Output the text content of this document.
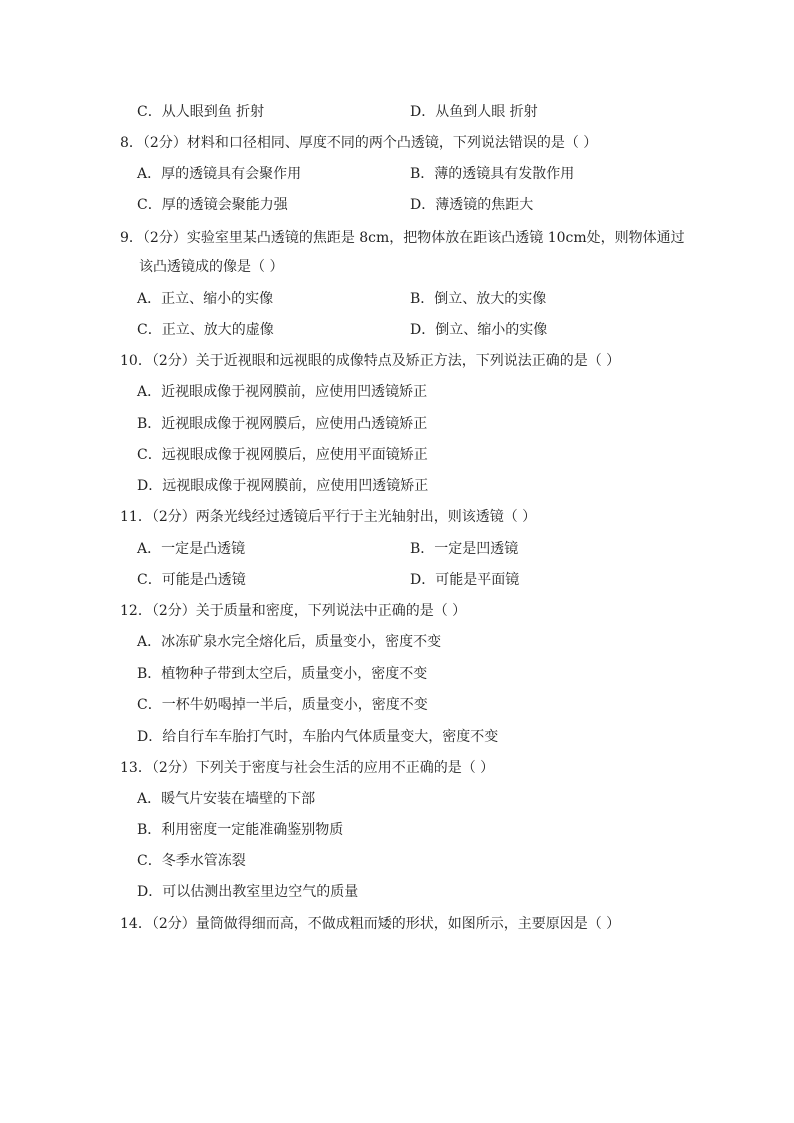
C．从人眼到鱼 折射	D．从鱼到人眼 折射
8．（2分）材料和口径相同、厚度不同的两个凸透镜，下列说法错误的是（ ）
A．厚的透镜具有会聚作用	B．薄的透镜具有发散作用
C．厚的透镜会聚能力强	D．薄透镜的焦距大
9．（2分）实验室里某凸透镜的焦距是 8cm，把物体放在距该凸透镜 10cm处，则物体通过
该凸透镜成的像是（ ）
A．正立、缩小的实像	B．倒立、放大的实像
C．正立、放大的虚像	D．倒立、缩小的实像
10．（2分）关于近视眼和远视眼的成像特点及矫正方法，下列说法正确的是（ ）
A．近视眼成像于视网膜前，应使用凹透镜矫正
B．近视眼成像于视网膜后，应使用凸透镜矫正
C．远视眼成像于视网膜后，应使用平面镜矫正
D．远视眼成像于视网膜前，应使用凹透镜矫正
11．（2分）两条光线经过透镜后平行于主光轴射出，则该透镜（ ）
A．一定是凸透镜	B．一定是凹透镜
C．可能是凸透镜	D．可能是平面镜
12．（2分）关于质量和密度，下列说法中正确的是（ ）
A．冰冻矿泉水完全熔化后，质量变小，密度不变
B．植物种子带到太空后，质量变小，密度不变
C．一杯牛奶喝掉一半后，质量变小，密度不变
D．给自行车车胎打气时，车胎内气体质量变大，密度不变
13．（2分）下列关于密度与社会生活的应用不正确的是（ ）
A．暖气片安装在墙壁的下部
B．利用密度一定能准确鉴别物质
C．冬季水管冻裂
D．可以估测出教室里边空气的质量
14．（2分）量筒做得细而高，不做成粗而矮的形状，如图所示，主要原因是（ ）
